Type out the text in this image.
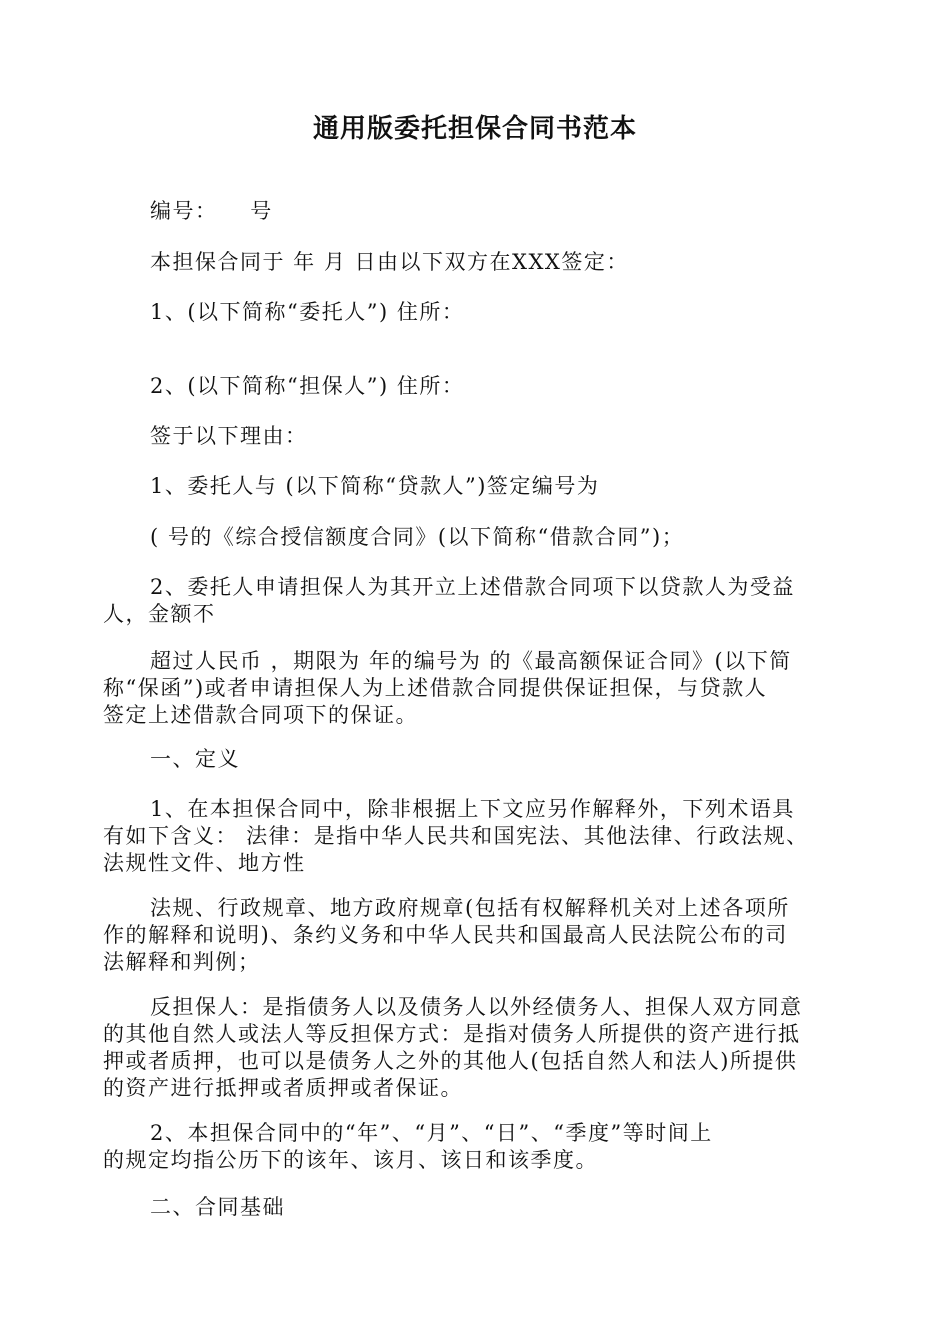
通用版委托担保合同书范本

编号：    号

本担保合同于 年 月 日由以下双方在XXX签定：

1、(以下简称“委托人”) 住所：

2、(以下简称“担保人”) 住所：

签于以下理由：

1、委托人与 (以下简称“贷款人”)签定编号为

( 号的《综合授信额度合同》(以下简称“借款合同”)；

2、委托人申请担保人为其开立上述借款合同项下以贷款人为受益
人，金额不

超过人民币 ，期限为 年的编号为 的《最高额保证合同》(以下简
称“保函”)或者申请担保人为上述借款合同提供保证担保，与贷款人
签定上述借款合同项下的保证。

一、定义

1、在本担保合同中，除非根据上下文应另作解释外，下列术语具
有如下含义： 法律：是指中华人民共和国宪法、其他法律、行政法规、
法规性文件、地方性

法规、行政规章、地方政府规章(包括有权解释机关对上述各项所
作的解释和说明)、条约义务和中华人民共和国最高人民法院公布的司
法解释和判例；

反担保人：是指债务人以及债务人以外经债务人、担保人双方同意
的其他自然人或法人等反担保方式：是指对债务人所提供的资产进行抵
押或者质押，也可以是债务人之外的其他人(包括自然人和法人)所提供
的资产进行抵押或者质押或者保证。

2、本担保合同中的“年”、“月”、“日”、“季度”等时间上
的规定均指公历下的该年、该月、该日和该季度。

二、合同基础
